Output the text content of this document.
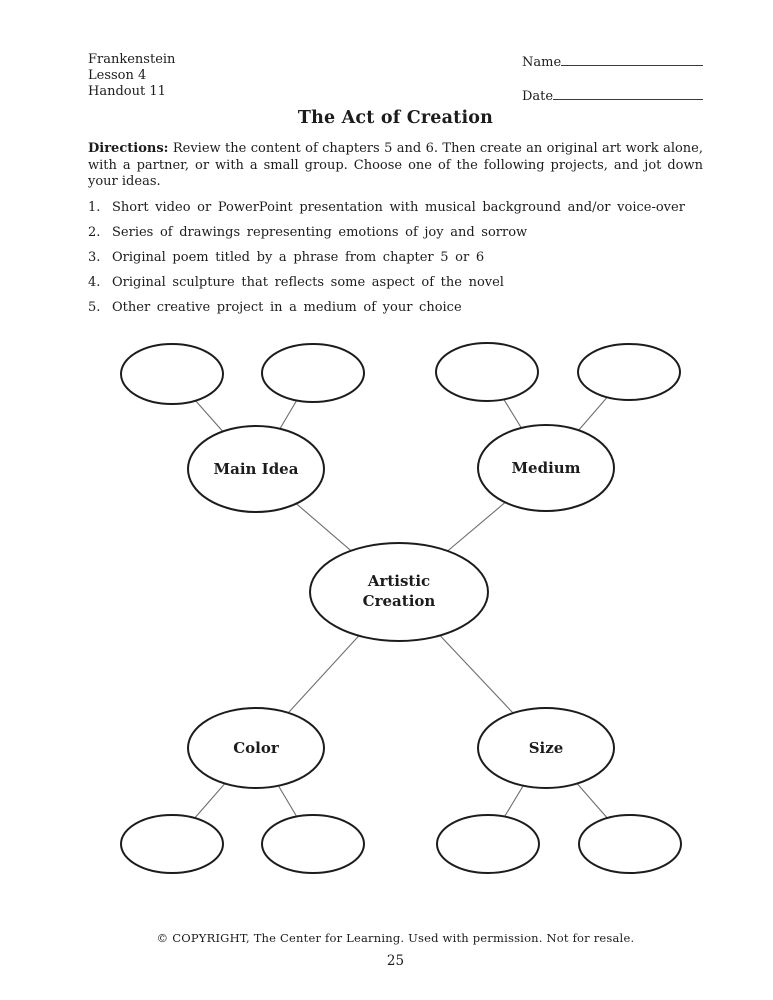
Frankenstein
Lesson 4
Handout 11
Name
Date
The Act of Creation
Directions: Review the content of chapters 5 and 6. Then create an original art work alone, with a partner, or with a small group. Choose one of the following projects, and jot down your ideas.
1. Short video or PowerPoint presentation with musical background and/or voice-over
2. Series of drawings representing emotions of joy and sorrow
3. Original poem titled by a phrase from chapter 5 or 6
4. Original sculpture that reflects some aspect of the novel
5. Other creative project in a medium of your choice
Main Idea	Medium
Artistic
Creation
Color	Size
© COPYRIGHT, The Center for Learning. Used with permission. Not for resale.
25
